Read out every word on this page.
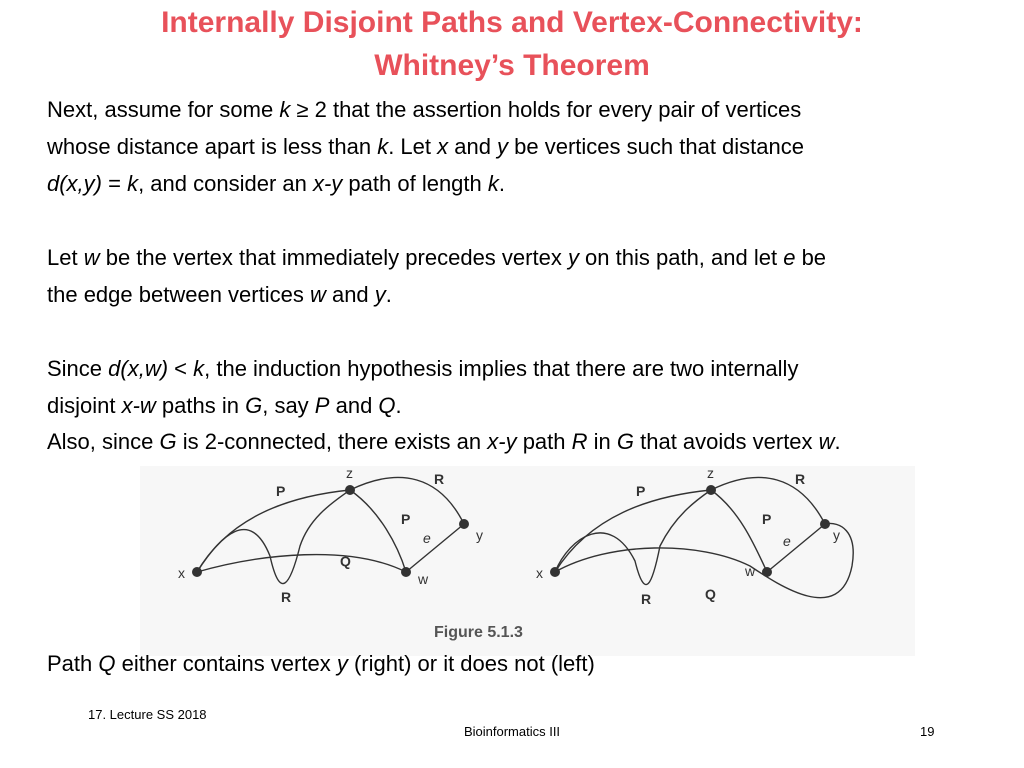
Internally Disjoint Paths and Vertex-Connectivity:
Whitney’s Theorem
Next, assume for some k ≥ 2 that the assertion holds for every pair of vertices
whose distance apart is less than k. Let x and y be vertices such that distance
d(x,y) = k, and consider an x-y path of length k.
Let w be the vertex that immediately precedes vertex y on this path, and let e be
the edge between vertices w and y.
Since d(x,w) < k, the induction hypothesis implies that there are two internally
disjoint x-w paths in G, say P and Q.
Also, since G is 2-connected, there exists an x-y path R in G that avoids vertex w.
x
z
w
y
e
P
P
Q
R
R
x
z
w
y
e
P
P
Q
R
R
Figure 5.1.3
Path Q either contains vertex y (right) or it does not (left)
17. Lecture SS 2018
Bioinformatics III	19
